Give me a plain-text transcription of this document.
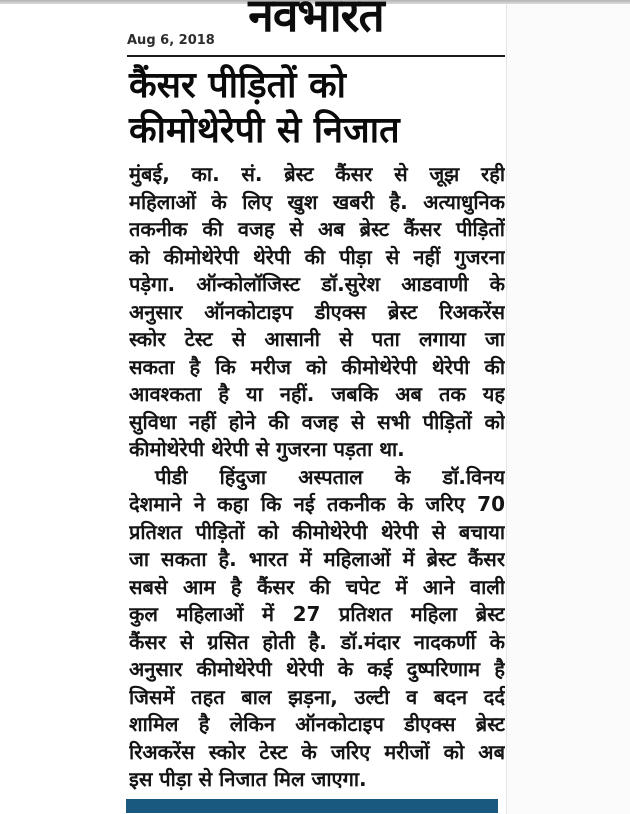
नवभारत
Aug 6, 2018
कैंसर पीड़ितों को
कीमोथेरेपी से निजात
मुंबई, का. सं. ब्रेस्ट कैंसर से जूझ रही
महिलाओं के लिए खुश खबरी है. अत्याधुनिक
तकनीक की वजह से अब ब्रेस्ट कैंसर पीड़ितों
को कीमोथेरेपी थेरेपी की पीड़ा से नहीं गुजरना
पड़ेगा. ऑन्कोलॉजिस्ट डॉ.सुरेश आडवाणी के
अनुसार ऑनकोटाइप डीएक्स ब्रेस्ट रिअकरेंस
स्कोर टेस्ट से आसानी से पता लगाया जा
सकता है कि मरीज को कीमोथेरेपी थेरेपी की
आवश्कता है या नहीं. जबकि अब तक यह
सुविधा नहीं होने की वजह से सभी पीड़ितों को
कीमोथेरेपी थेरेपी से गुजरना पड़ता था.
पीडी हिंदुजा अस्पताल के डॉ.विनय
देशमाने ने कहा कि नई तकनीक के जरिए 70
प्रतिशत पीड़ितों को कीमोथेरेपी थेरेपी से बचाया
जा सकता है. भारत में महिलाओं में ब्रेस्ट कैंसर
सबसे आम है कैंसर की चपेट में आने वाली
कुल महिलाओं में 27 प्रतिशत महिला ब्रेस्ट
कैंसर से ग्रसित होती है. डॉ.मंदार नादकर्णी के
अनुसार कीमोथेरेपी थेरेपी के कई दुष्परिणाम है
जिसमें तहत बाल झड़ना, उल्टी व बदन दर्द
शामिल है लेकिन ऑनकोटाइप डीएक्स ब्रेस्ट
रिअकरेंस स्कोर टेस्ट के जरिए मरीजों को अब
इस पीड़ा से निजात मिल जाएगा.
